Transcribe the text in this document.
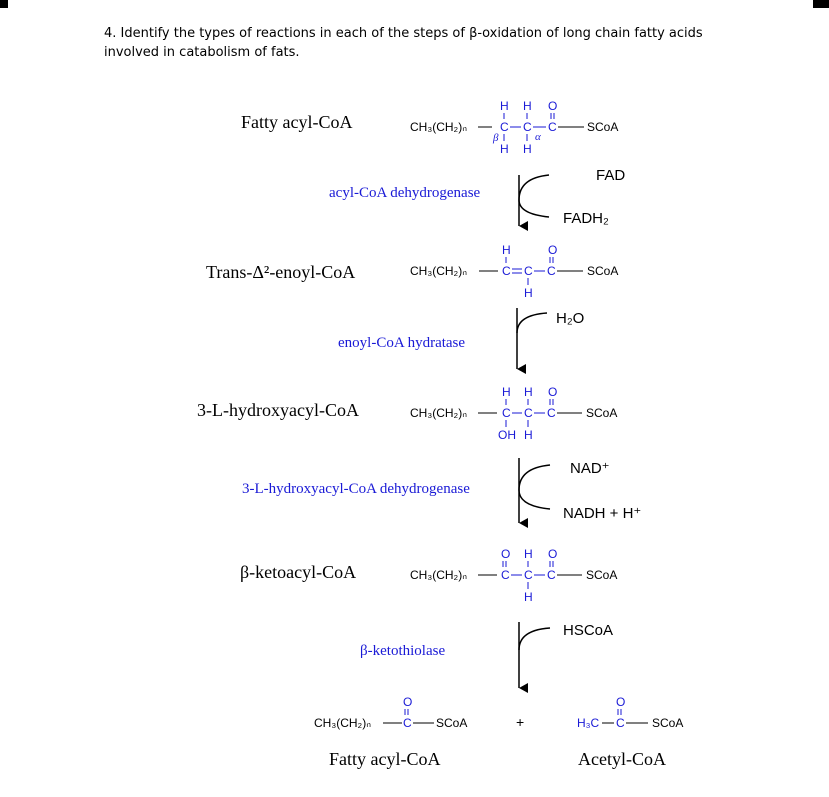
4. Identify the types of reactions in each of the steps of β-oxidation of long chain fatty acids
involved in catabolism of fats.
Fatty acyl-CoA
Trans-Δ²-enoyl-CoA
3-L-hydroxyacyl-CoA
β-ketoacyl-CoA
Fatty acyl-CoA	Acetyl-CoA
acyl-CoA dehydrogenase
enoyl-CoA hydratase
3-L-hydroxyacyl-CoA dehydrogenase
β-ketothiolase
FAD
FADH₂
H₂O
NAD⁺
NADH + H⁺
HSCoA
CH₃(CH₂)ₙ	C C C	SCoA
H H O
H H
β	α
CH₃(CH₂)ₙ	C C C	SCoA
H	O
H
CH₃(CH₂)ₙ	C C C	SCoA
H H O
OH H
CH₃(CH₂)ₙ	C C C	SCoA
O H O
H
CH₃(CH₂)ₙ	C SCoA
O
+	H₃C C SCoA
O
